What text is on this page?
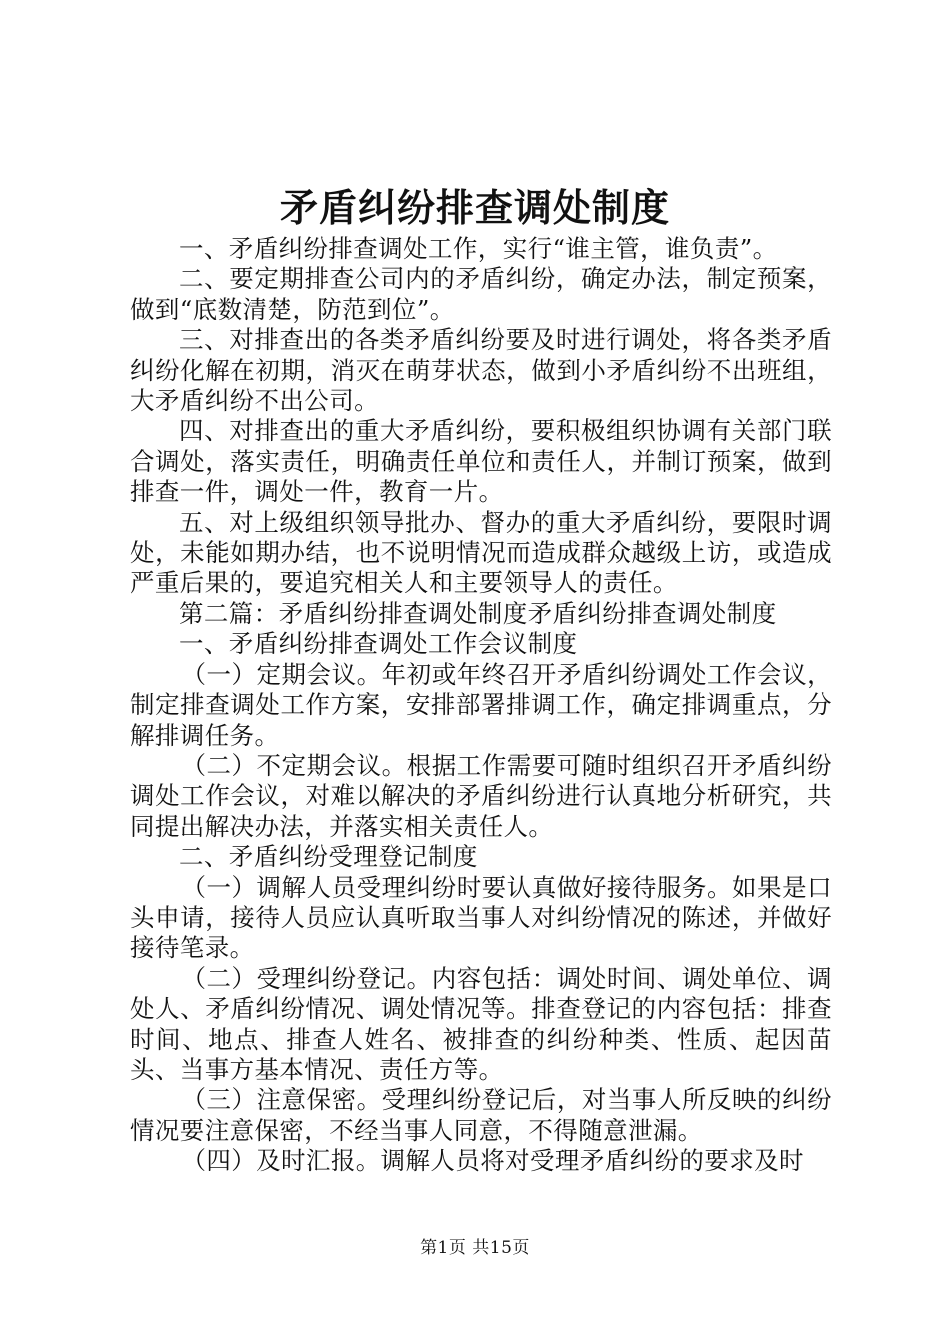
矛盾纠纷排查调处制度

一、矛盾纠纷排查调处工作，实行“谁主管，谁负责”。

二、要定期排查公司内的矛盾纠纷，确定办法，制定预案，做到“底数清楚，防范到位”。

三、对排查出的各类矛盾纠纷要及时进行调处，将各类矛盾纠纷化解在初期，消灭在萌芽状态，做到小矛盾纠纷不出班组，大矛盾纠纷不出公司。

四、对排查出的重大矛盾纠纷，要积极组织协调有关部门联合调处，落实责任，明确责任单位和责任人，并制订预案，做到排查一件，调处一件，教育一片。

五、对上级组织领导批办、督办的重大矛盾纠纷，要限时调处，未能如期办结，也不说明情况而造成群众越级上访，或造成严重后果的，要追究相关人和主要领导人的责任。

第二篇：矛盾纠纷排查调处制度矛盾纠纷排查调处制度

一、矛盾纠纷排查调处工作会议制度

（一）定期会议。年初或年终召开矛盾纠纷调处工作会议，制定排查调处工作方案，安排部署排调工作，确定排调重点，分解排调任务。

（二）不定期会议。根据工作需要可随时组织召开矛盾纠纷调处工作会议，对难以解决的矛盾纠纷进行认真地分析研究，共同提出解决办法，并落实相关责任人。

二、矛盾纠纷受理登记制度

（一）调解人员受理纠纷时要认真做好接待服务。如果是口头申请，接待人员应认真听取当事人对纠纷情况的陈述，并做好接待笔录。

（二）受理纠纷登记。内容包括：调处时间、调处单位、调处人、矛盾纠纷情况、调处情况等。排查登记的内容包括：排查时间、地点、排查人姓名、被排查的纠纷种类、性质、起因苗头、当事方基本情况、责任方等。

（三）注意保密。受理纠纷登记后，对当事人所反映的纠纷情况要注意保密，不经当事人同意，不得随意泄漏。

（四）及时汇报。调解人员将对受理矛盾纠纷的要求及时

第1页 共15页
